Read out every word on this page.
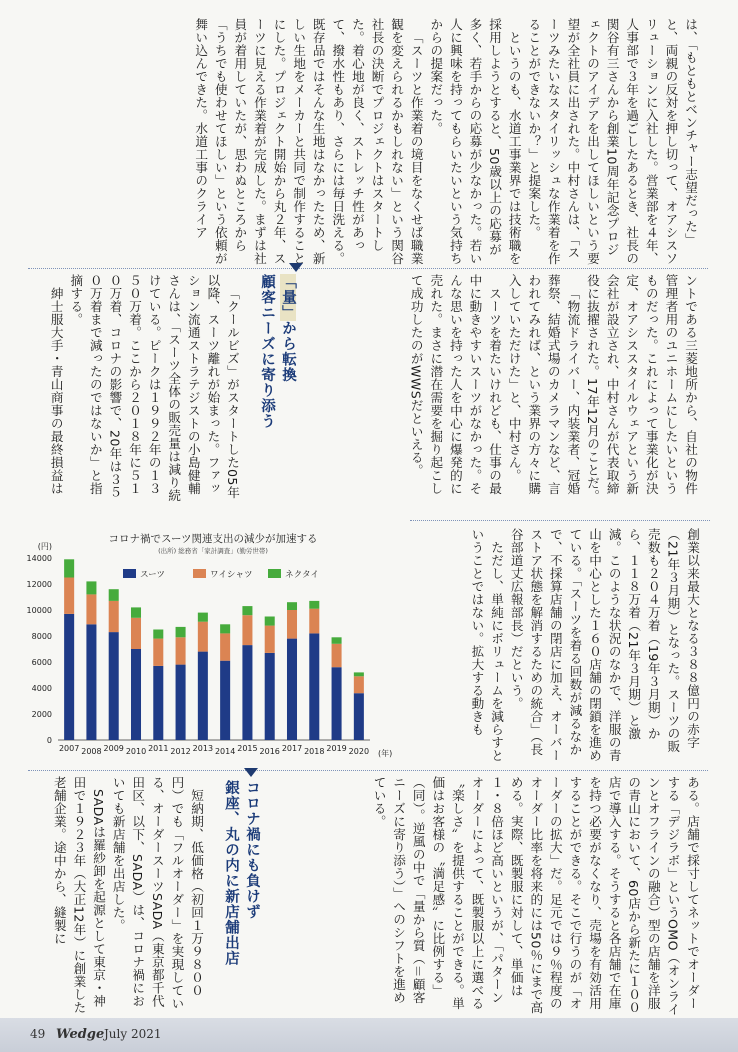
は、「もともとベンチャー志望だった」と、両親の反対を押し切って、オアシスソリューションに入社した。営業部を４年、人事部で３年を過ごしたあるとき、社長の関谷有三さんから創業10周年記念プロジェクトのアイデアを出してほしいという要望が全社員に出された。中村さんは、「スーツみたいなスタイリッシュな作業着を作ることができないか？」と提案した。

というのも、水道工事業界では技術職を採用しようとすると、50歳以上の応募が多く、若手からの応募が少なかった。若い人に興味を持ってもらいたいという気持ちからの提案だった。

「スーツと作業着の境目をなくせば職業観を変えられるかもしれない」という関谷社長の決断でプロジェクトはスタートした。着心地が良く、ストレッチ性があって、撥水性もあり、さらには毎日洗える。既存品ではそんな生地はなかったため、新しい生地をメーカーと共同で制作することにした。プロジェクト開始から丸２年、スーツに見える作業着が完成した。まずは社員が着用していたが、思わぬところから「うちでも使わせてほしい」という依頼が舞い込んできた。水道工事のクライア

ントである三菱地所から、自社の物件管理者用のユニホームにしたいというものだった。これによって事業化が決定、オアシススタイルウェアという新会社が設立され、中村さんが代表取締役に抜擢された。17年12月のことだ。

「物流ドライバー、内装業者、冠婚葬祭、結婚式場のカメラマンなど、言われてみれば、という業界の方々に購入していただけた」と、中村さん。

スーツを着たいけれども、仕事の最中に動きやすいスーツがなかった。そんな思いを持った人を中心に爆発的に売れた。まさに潜在需要を掘り起こして成功したのがWWSだといえる。

「量」から転換
顧客ニーズに寄り添う

「クールビズ」がスタートした05年以降、スーツ離れが始まった。ファッション流通ストラテジストの小島健輔さんは、「スーツ全体の販売量は減り続けている。ピークは１９９２年の１３５０万着。ここから２０１８年に５１０万着、コロナの影響で、20年は３５０万着まで減ったのではないか」と指摘する。

紳士服大手・青山商事の最終損益は

創業以来最大となる３８８億円の赤字（21年３月期）となった。スーツの販売数も２０４万着（19年３月期）から、１１８万着（21年３月期）と激減。このような状況のなかで、洋服の青山を中心とした１６０店舗の閉鎖を進めている。「スーツを着る回数が減るなかで、不採算店舗の閉店に加え、オーバーストア状態を解消するための統合」（長谷部道丈広報部長）だという。

ただし、単純にボリュームを減らすということではない。拡大する動きも

コロナ禍でスーツ関連支出の減少が加速する
(出所) 総務省「家計調査」(勤労世帯)
(円)
(年)
0
2000
4000
6000
8000
10000
12000
14000
2007 2008 2009 2010 2011 2012 2013 2014 2015 2016 2017 2018 2019 2020
スーツ	ワイシャツ	ネクタイ

ある。店舗で採寸してネットでオーダーする「デジラボ」というOMO（オンラインとオフラインの融合）型の店舗を洋服の青山において、60店から新たに１００店で導入する。そうすると各店舗で在庫を持つ必要がなくなり、売場を有効活用することができる。そこで行うのが「オーダーの拡大」だ。足元では９％程度のオーダー比率を将来的には50％にまで高める。実際、既製服に対して、単価は１・８倍ほど高いというが、「パターンオーダーによって、既製服以上に選べる〝楽しさ〟を提供することができる。単価はお客様の〝満足感〟に比例する」（同）。逆風の中で「量から質（＝顧客ニーズに寄り添う）」へのシフトを進めている。

コロナ禍にも負けず
銀座、丸の内に新店舗出店

短納期、低価格（初回１万９８００円）でも「フルオーダー」を実現している、オーダースーツSADA（東京都千代田区、以下、SADA）は、コロナ禍においても新店舗を出店した。

SADAは羅紗卸を起源として東京・神田で１９２３年（大正12年）に創業した老舗企業。途中から、縫製に

49 Wedge July 2021
